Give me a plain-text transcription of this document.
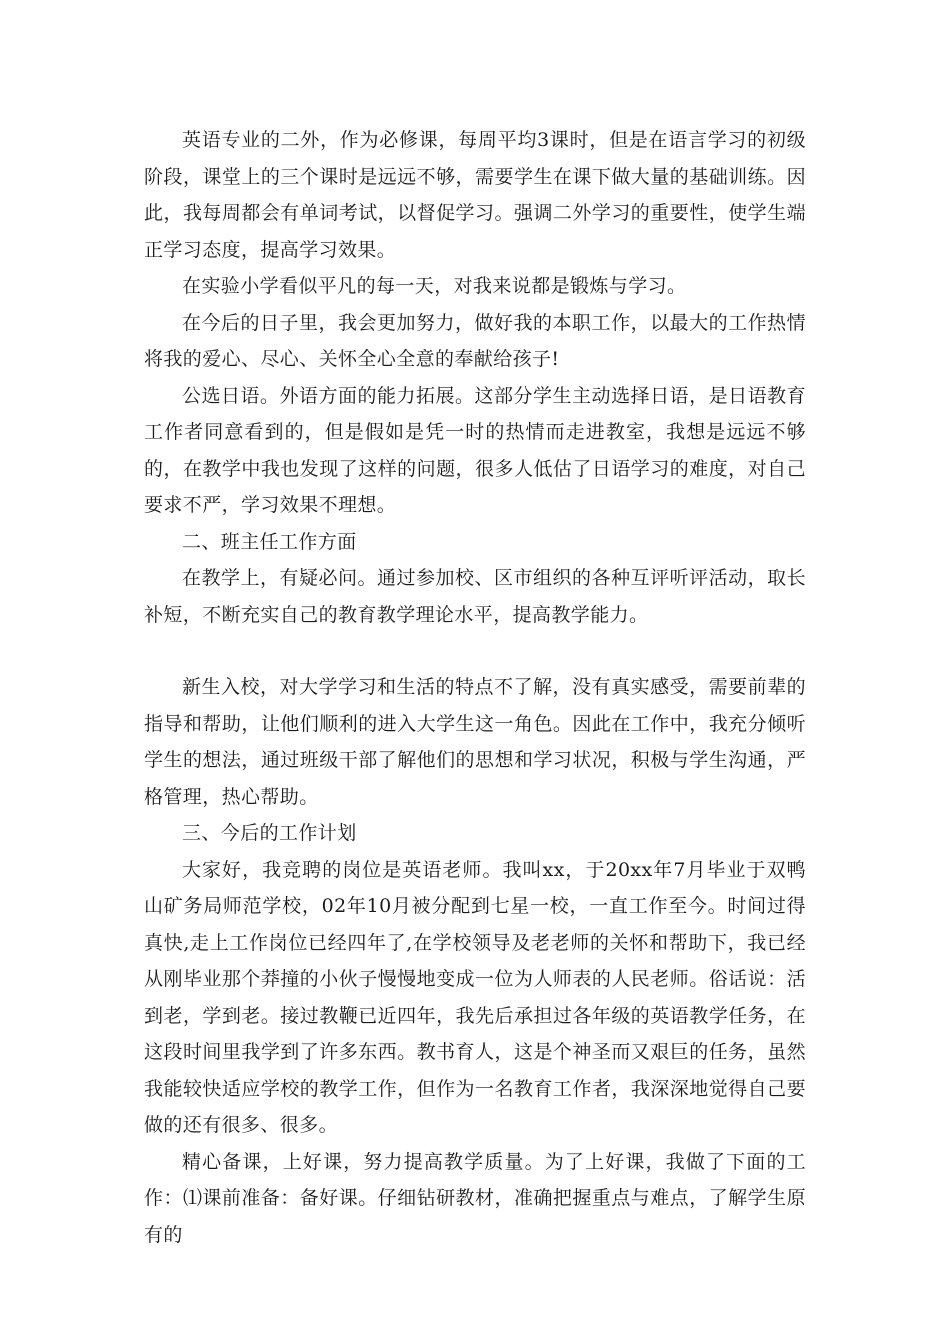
英语专业的二外，作为必修课，每周平均3课时，但是在语言学习的初级阶段，课堂上的三个课时是远远不够，需要学生在课下做大量的基础训练。因此，我每周都会有单词考试，以督促学习。强调二外学习的重要性，使学生端正学习态度，提高学习效果。

在实验小学看似平凡的每一天，对我来说都是锻炼与学习。

在今后的日子里，我会更加努力，做好我的本职工作，以最大的工作热情将我的爱心、尽心、关怀全心全意的奉献给孩子!

公选日语。外语方面的能力拓展。这部分学生主动选择日语，是日语教育工作者同意看到的，但是假如是凭一时的热情而走进教室，我想是远远不够的，在教学中我也发现了这样的问题，很多人低估了日语学习的难度，对自己要求不严，学习效果不理想。

二、班主任工作方面

在教学上，有疑必问。通过参加校、区市组织的各种互评听评活动，取长补短，不断充实自己的教育教学理论水平，提高教学能力。

新生入校，对大学学习和生活的特点不了解，没有真实感受，需要前辈的指导和帮助，让他们顺利的进入大学生这一角色。因此在工作中，我充分倾听学生的想法，通过班级干部了解他们的思想和学习状况，积极与学生沟通，严格管理，热心帮助。

三、今后的工作计划

大家好，我竞聘的岗位是英语老师。我叫xx，于20xx年7月毕业于双鸭山矿务局师范学校，02年10月被分配到七星一校，一直工作至今。时间过得真快,走上工作岗位已经四年了,在学校领导及老老师的关怀和帮助下，我已经从刚毕业那个莽撞的小伙子慢慢地变成一位为人师表的人民老师。俗话说：活到老，学到老。接过教鞭已近四年，我先后承担过各年级的英语教学任务，在这段时间里我学到了许多东西。教书育人，这是个神圣而又艰巨的任务，虽然我能较快适应学校的教学工作，但作为一名教育工作者，我深深地觉得自己要做的还有很多、很多。

精心备课，上好课，努力提高教学质量。为了上好课，我做了下面的工作：⑴课前准备：备好课。仔细钻研教材，准确把握重点与难点，了解学生原有的
